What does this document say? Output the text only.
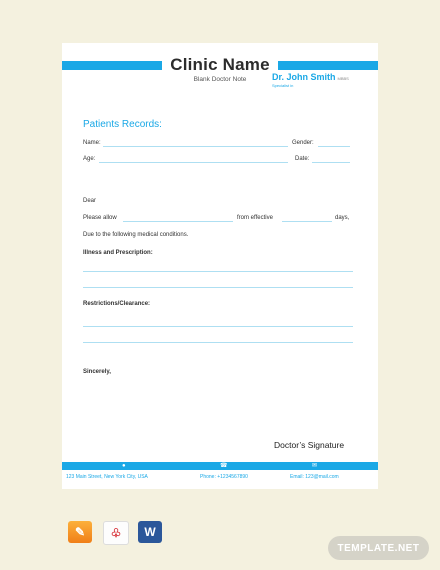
Clinic Name
Blank Doctor Note	Dr. John Smith MBBS
Specialist in
Patients Records:
Name:	Gender:
Age:	Date:
Dear
Please allow	from effective	days,
Due to the following medical conditions.
Illness and Prescription:
Restrictions/Clearance:
Sincerely,
Doctor’s Signature
●	☎	✉
123 Main Street, New York City, USA	Phone: +1234567890	Email: 123@mail.com
✎	♧	W
TEMPLATE.NET
